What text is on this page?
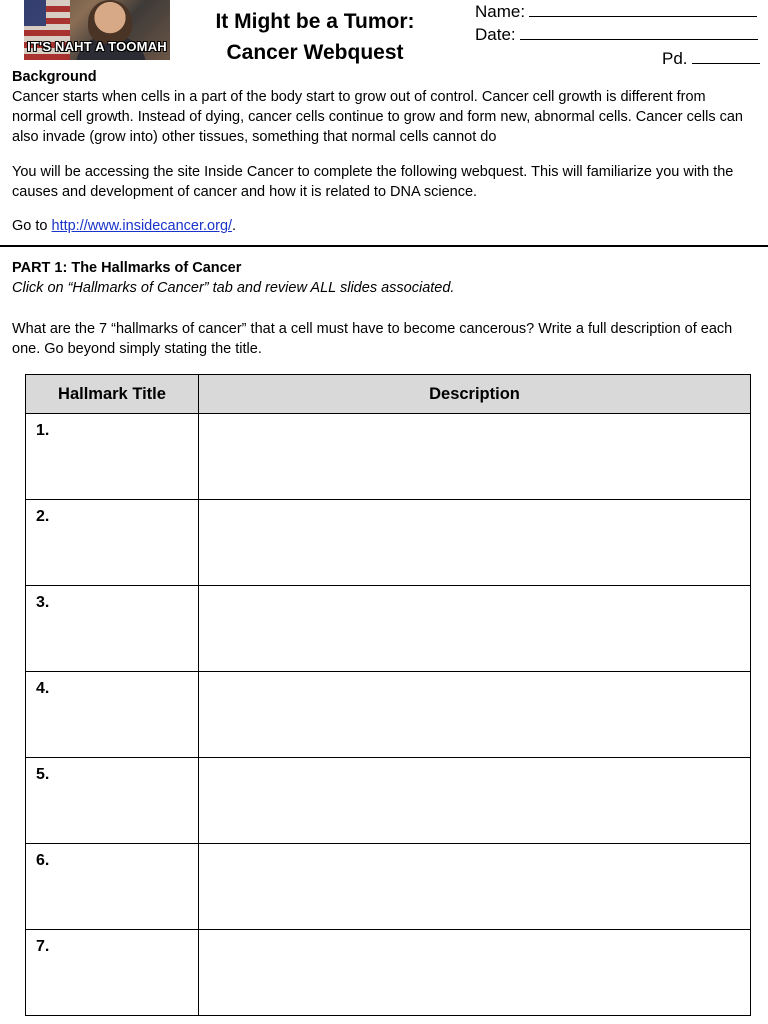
IT'S NAHT A TOOMAH
It Might be a Tumor:
Cancer Webquest
Name:
Date:
Pd.
Background
Cancer starts when cells in a part of the body start to grow out of control. Cancer cell growth is different from normal cell growth. Instead of dying, cancer cells continue to grow and form new, abnormal cells. Cancer cells can also invade (grow into) other tissues, something that normal cells cannot do
You will be accessing the site Inside Cancer to complete the following webquest. This will familiarize you with the causes and development of cancer and how it is related to DNA science.
Go to http://www.insidecancer.org/.
PART 1: The Hallmarks of Cancer
Click on “Hallmarks of Cancer” tab and review ALL slides associated.
What are the 7 “hallmarks of cancer” that a cell must have to become cancerous? Write a full description of each one. Go beyond simply stating the title.
Hallmark Title	Description
1.	
2.	
3.	
4.	
5.	
6.	
7.	
